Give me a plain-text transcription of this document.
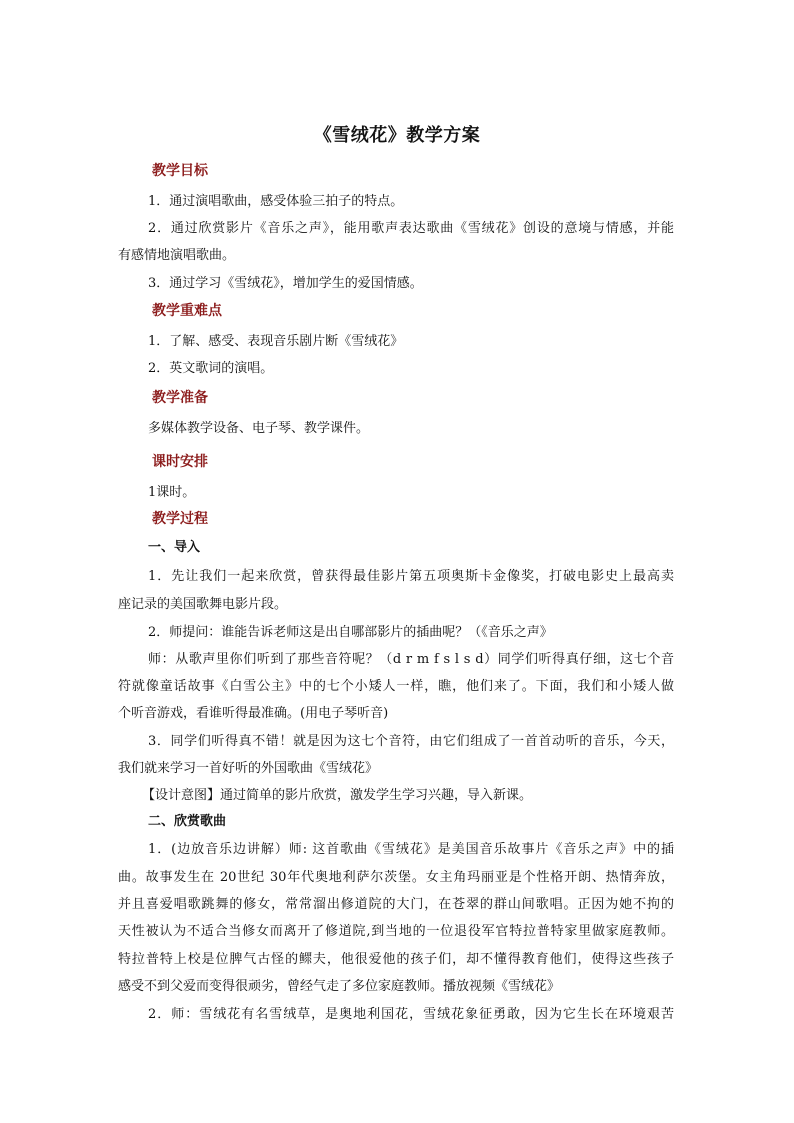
《雪绒花》教学方案
教学目标
1．通过演唱歌曲，感受体验三拍子的特点。
2．通过欣赏影片《音乐之声》，能用歌声表达歌曲《雪绒花》创设的意境与情感，并能
有感情地演唱歌曲。
3．通过学习《雪绒花》，增加学生的爱国情感。
教学重难点
1．了解、感受、表现音乐剧片断《雪绒花》
2．英文歌词的演唱。
教学准备
多媒体教学设备、电子琴、教学课件。
课时安排
1课时。
教学过程
一、导入
1．先让我们一起来欣赏，曾获得最佳影片第五项奥斯卡金像奖，打破电影史上最高卖
座记录的美国歌舞电影片段。
2．师提问：谁能告诉老师这是出自哪部影片的插曲呢？（《音乐之声》
师：从歌声里你们听到了那些音符呢？（d r m f s l s d）同学们听得真仔细，这七个音
符就像童话故事《白雪公主》中的七个小矮人一样，瞧，他们来了。下面，我们和小矮人做
个听音游戏，看谁听得最准确。(用电子琴听音)
3．同学们听得真不错！就是因为这七个音符，由它们组成了一首首动听的音乐，今天，
我们就来学习一首好听的外国歌曲《雪绒花》
【设计意图】通过简单的影片欣赏，激发学生学习兴趣，导入新课。
二、欣赏歌曲
1．(边放音乐边讲解）师: 这首歌曲《雪绒花》是美国音乐故事片《音乐之声》中的插
曲。故事发生在 20世纪 30年代奥地利萨尔茨堡。女主角玛丽亚是个性格开朗、热情奔放，
并且喜爱唱歌跳舞的修女，常常溜出修道院的大门，在苍翠的群山间歌唱。正因为她不拘的
天性被认为不适合当修女而离开了修道院,到当地的一位退役军官特拉普特家里做家庭教师。
特拉普特上校是位脾气古怪的鳏夫，他很爱他的孩子们，却不懂得教育他们，使得这些孩子
感受不到父爱而变得很顽劣，曾经气走了多位家庭教师。播放视频《雪绒花》
2．师：雪绒花有名雪绒草，是奥地利国花，雪绒花象征勇敢，因为它生长在环境艰苦
